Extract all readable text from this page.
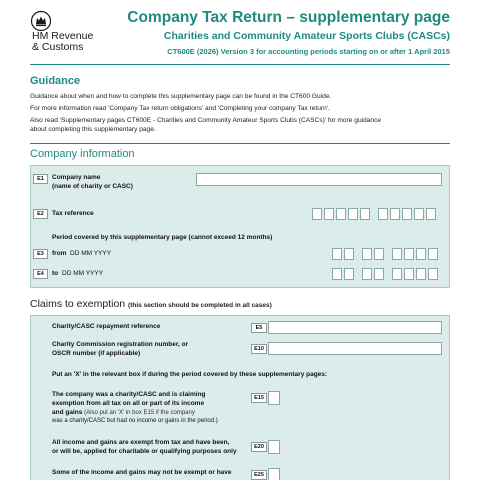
HM Revenue
& Customs
Company Tax Return – supplementary page
Charities and Community Amateur Sports Clubs (CASCs)
CT600E (2026) Version 3 for accounting periods starting on or after 1 April 2015
Guidance
Guidance about when and how to complete this supplementary page can be found in the CT600 Guide.
For more information read 'Company Tax return obligations' and 'Completing your company Tax return'.
Also read 'Supplementary pages CT600E - Charities and Community Amateur Sports Clubs (CASCs)' for more guidance
about completing this supplementary page.
Company information
E1	Company name
(name of charity or CASC)
E2	Tax reference
Period covered by this supplementary page (cannot exceed 12 months)
E3	from DD MM YYYY
E4	to DD MM YYYY
Claims to exemption (this section should be completed in all cases)
Charity/CASC repayment reference	E5
Charity Commission registration number, or
OSCR number (if applicable)
E10
Put an 'X' in the relevant box if during the period covered by these supplementary pages:
The company was a charity/CASC and is claiming
exemption from all tax on all or part of its income
and gains (Also put an 'X' in box E15 if the company
was a charity/CASC but had no income or gains in the period.)
E15
All income and gains are exempt from tax and have been,
or will be, applied for charitable or qualifying purposes only
E20
Some of the income and gains may not be exempt or have	E25
